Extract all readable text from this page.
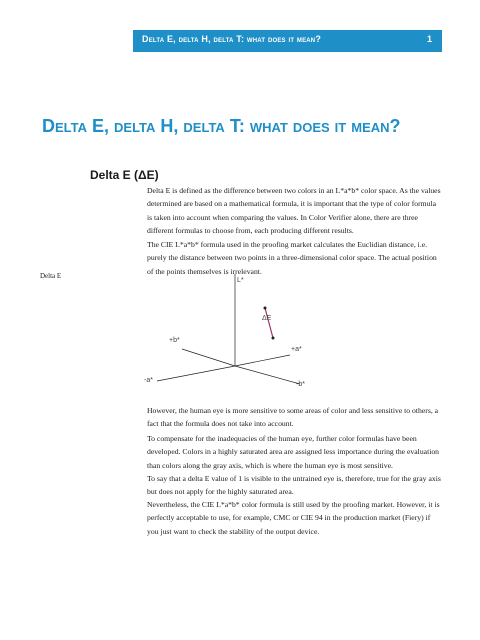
Delta E, delta H, delta T: what does it mean?	1
Delta E, delta H, delta T: what does it mean?
Delta E (ΔE)

Delta E is defined as the difference between two colors in an L*a*b* color space. As the values determined are based on a mathematical formula, it is important that the type of color formula is taken into account when comparing the values. In Color Verifier alone, there are three different formulas to choose from, each producing different results.

The CIE L*a*b* formula used in the proofing market calculates the Euclidian distance, i.e. purely the distance between two points in a three-dimensional color space. The actual position of the points themselves is irrelevant.

Delta E
L*
ΔE
+b*
+a*
-a*
-b*

However, the human eye is more sensitive to some areas of color and less sensitive to others, a fact that the formula does not take into account.

To compensate for the inadequacies of the human eye, further color formulas have been developed. Colors in a highly saturated area are assigned less importance during the evaluation than colors along the gray axis, which is where the human eye is most sensitive.

To say that a delta E value of 1 is visible to the untrained eye is, therefore, true for the gray axis but does not apply for the highly saturated area.

Nevertheless, the CIE L*a*b* color formula is still used by the proofing market. However, it is perfectly acceptable to use, for example, CMC or CIE 94 in the production market (Fiery) if you just want to check the stability of the output device.
